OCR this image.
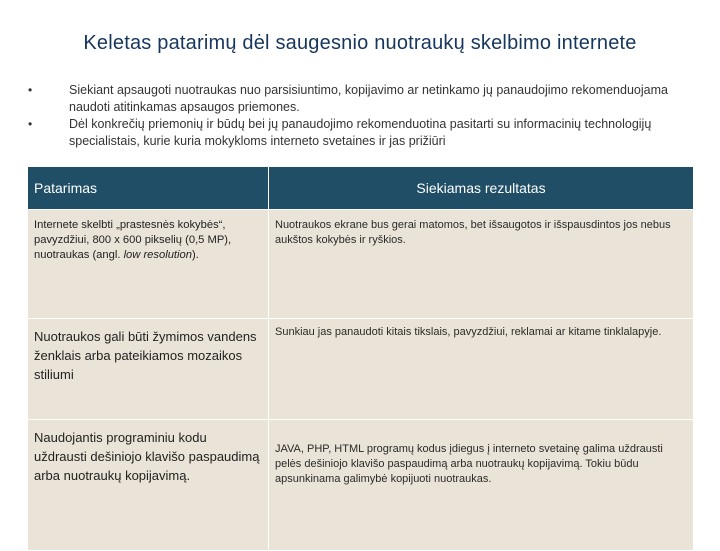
Keletas patarimų dėl saugesnio nuotraukų skelbimo internete
•	Siekiant apsaugoti nuotraukas nuo parsisiuntimo, kopijavimo ar netinkamo jų panaudojimo rekomenduojama naudoti atitinkamas apsaugos priemones.
•	Dėl konkrečių priemonių ir būdų bei jų panaudojimo rekomenduotina pasitarti su informacinių technologijų specialistais, kurie kuria mokykloms interneto svetaines ir jas prižiūri
Patarimas	Siekiamas rezultatas
Internete skelbti „prastesnės kokybės“, pavyzdžiui, 800 x 600 pikselių (0,5 MP), nuotraukas (angl. low resolution).	Nuotraukos ekrane bus gerai matomos, bet išsaugotos ir išspausdintos jos nebus aukštos kokybės ir ryškios.
Nuotraukos gali būti žymimos vandens ženklais arba pateikiamos mozaikos stiliumi	Sunkiau jas panaudoti kitais tikslais, pavyzdžiui, reklamai ar kitame tinklalapyje.
Naudojantis programiniu kodu uždrausti dešiniojo klavišo paspaudimą arba nuotraukų kopijavimą.	JAVA, PHP, HTML programų kodus įdiegus į interneto svetainę galima uždrausti pelės dešiniojo klavišo paspaudimą arba nuotraukų kopijavimą. Tokiu būdu apsunkinama galimybė kopijuoti nuotraukas.
